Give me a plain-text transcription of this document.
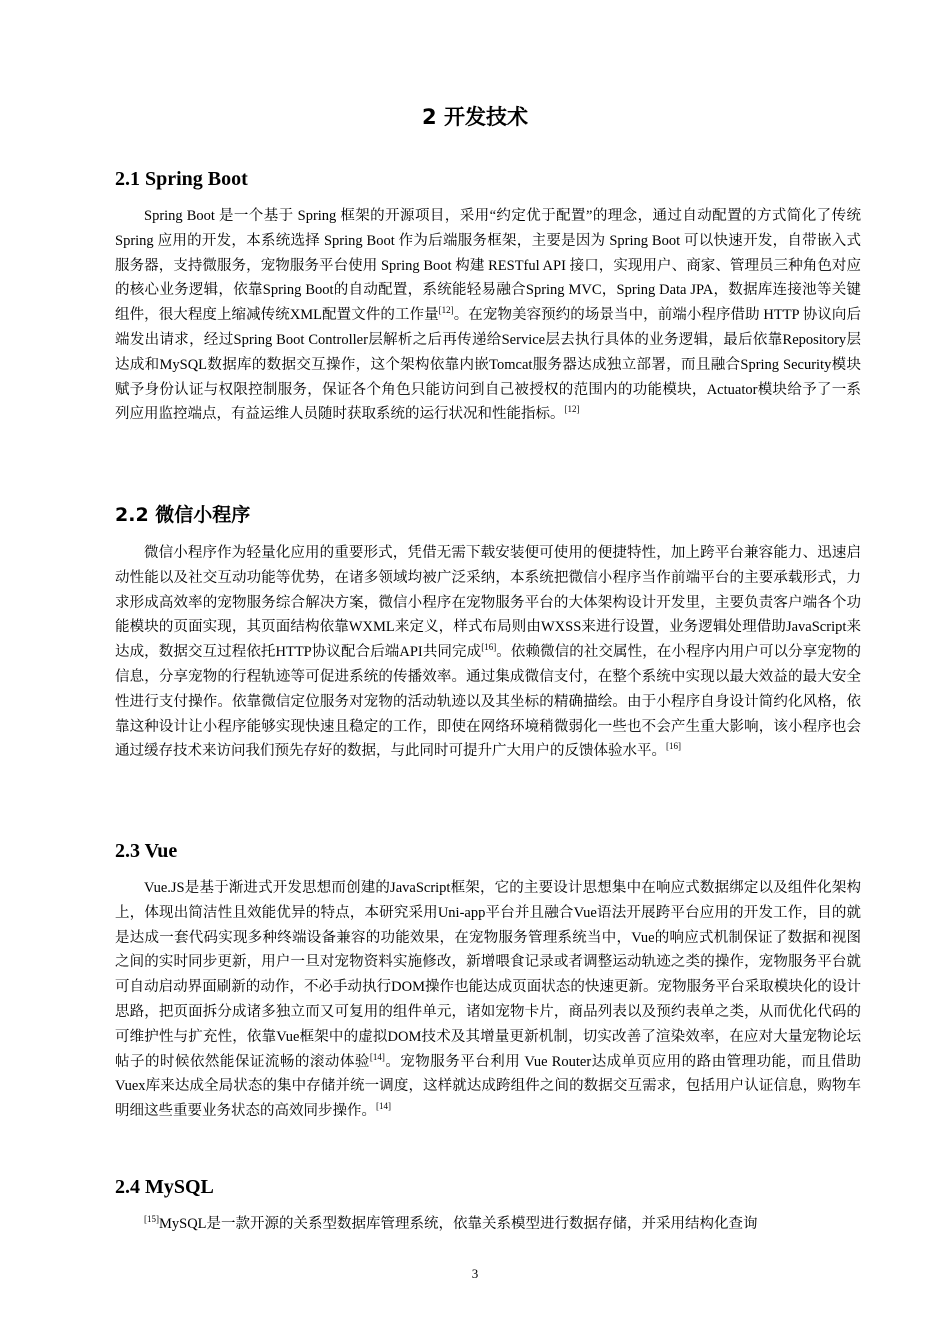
2 开发技术
2.1 Spring Boot
Spring Boot 是一个基于 Spring 框架的开源项目，采用“约定优于配置”的理念，通过自动配置的方式简化了传统 Spring 应用的开发，本系统选择 Spring Boot 作为后端服务框架，主要是因为 Spring Boot 可以快速开发，自带嵌入式服务器，支持微服务，宠物服务平台使用 Spring Boot 构建 RESTful API 接口，实现用户、商家、管理员三种角色对应的核心业务逻辑，依靠Spring Boot的自动配置，系统能轻易融合Spring MVC，Spring Data JPA，数据库连接池等关键组件，很大程度上缩减传统XML配置文件的工作量[12]。在宠物美容预约的场景当中，前端小程序借助 HTTP 协议向后端发出请求，经过Spring Boot Controller层解析之后再传递给Service层去执行具体的业务逻辑，最后依靠Repository层达成和MySQL数据库的数据交互操作，这个架构依靠内嵌Tomcat服务器达成独立部署，而且融合Spring Security模块赋予身份认证与权限控制服务，保证各个角色只能访问到自己被授权的范围内的功能模块，Actuator模块给予了一系列应用监控端点，有益运维人员随时获取系统的运行状况和性能指标。[12]
2.2 微信小程序
微信小程序作为轻量化应用的重要形式，凭借无需下载安装便可使用的便捷特性，加上跨平台兼容能力、迅速启动性能以及社交互动功能等优势，在诸多领域均被广泛采纳，本系统把微信小程序当作前端平台的主要承载形式，力求形成高效率的宠物服务综合解决方案，微信小程序在宠物服务平台的大体架构设计开发里，主要负责客户端各个功能模块的页面实现，其页面结构依靠WXML来定义，样式布局则由WXSS来进行设置，业务逻辑处理借助JavaScript来达成，数据交互过程依托HTTP协议配合后端API共同完成[16]。依赖微信的社交属性，在小程序内用户可以分享宠物的信息，分享宠物的行程轨迹等可促进系统的传播效率。通过集成微信支付，在整个系统中实现以最大效益的最大安全性进行支付操作。依靠微信定位服务对宠物的活动轨迹以及其坐标的精确描绘。由于小程序自身设计简约化风格，依靠这种设计让小程序能够实现快速且稳定的工作，即使在网络环境稍微弱化一些也不会产生重大影响，该小程序也会通过缓存技术来访问我们预先存好的数据，与此同时可提升广大用户的反馈体验水平。[16]
2.3 Vue
Vue.JS是基于渐进式开发思想而创建的JavaScript框架，它的主要设计思想集中在响应式数据绑定以及组件化架构上，体现出简洁性且效能优异的特点，本研究采用Uni-app平台并且融合Vue语法开展跨平台应用的开发工作，目的就是达成一套代码实现多种终端设备兼容的功能效果，在宠物服务管理系统当中，Vue的响应式机制保证了数据和视图之间的实时同步更新，用户一旦对宠物资料实施修改，新增喂食记录或者调整运动轨迹之类的操作，宠物服务平台就可自动启动界面刷新的动作，不必手动执行DOM操作也能达成页面状态的快速更新。宠物服务平台采取模块化的设计思路，把页面拆分成诸多独立而又可复用的组件单元，诸如宠物卡片，商品列表以及预约表单之类，从而优化代码的可维护性与扩充性，依靠Vue框架中的虚拟DOM技术及其增量更新机制，切实改善了渲染效率，在应对大量宠物论坛帖子的时候依然能保证流畅的滚动体验[14]。宠物服务平台利用 Vue Router达成单页应用的路由管理功能，而且借助Vuex库来达成全局状态的集中存储并统一调度，这样就达成跨组件之间的数据交互需求，包括用户认证信息，购物车明细这些重要业务状态的高效同步操作。[14]
2.4 MySQL
[15]MySQL是一款开源的关系型数据库管理系统，依靠关系模型进行数据存储，并采用结构化查询
3
